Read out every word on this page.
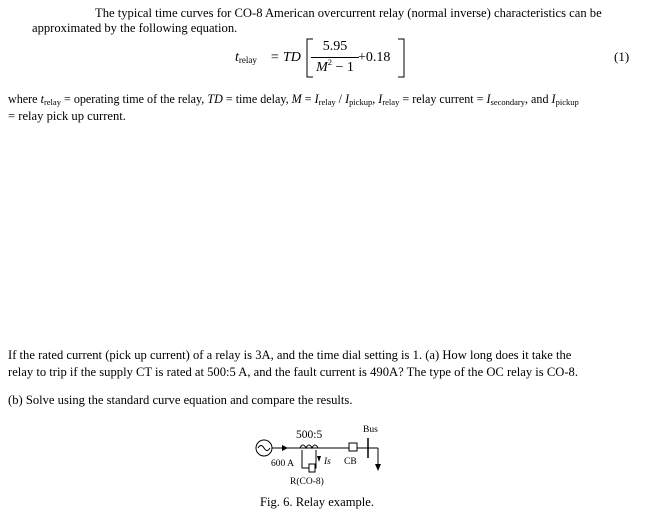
The typical time curves for CO-8 American overcurrent relay (normal inverse) characteristics can be
approximated by the following equation.
$t_{relay}$ = TD
5.95
$M^2 - 1$
+0.18	(1)
where $t_{relay}$ = operating time of the relay, TD = time delay, $M = I_{relay} / I_{pickup}$, $I_{relay}$ = relay current = $I_{secondary}$, and $I_{pickup}$
= relay pick up current.
If the rated current (pick up current) of a relay is 3A, and the time dial setting is 1. (a) How long does it take the
relay to trip if the supply CT is rated at 500:5 A, and the fault current is 490A? The type of the OC relay is CO-8.
(b) Solve using the standard curve equation and compare the results.
500:5	Bus
600 A	Is CB
R(CO-8)
Fig. 6. Relay example.
